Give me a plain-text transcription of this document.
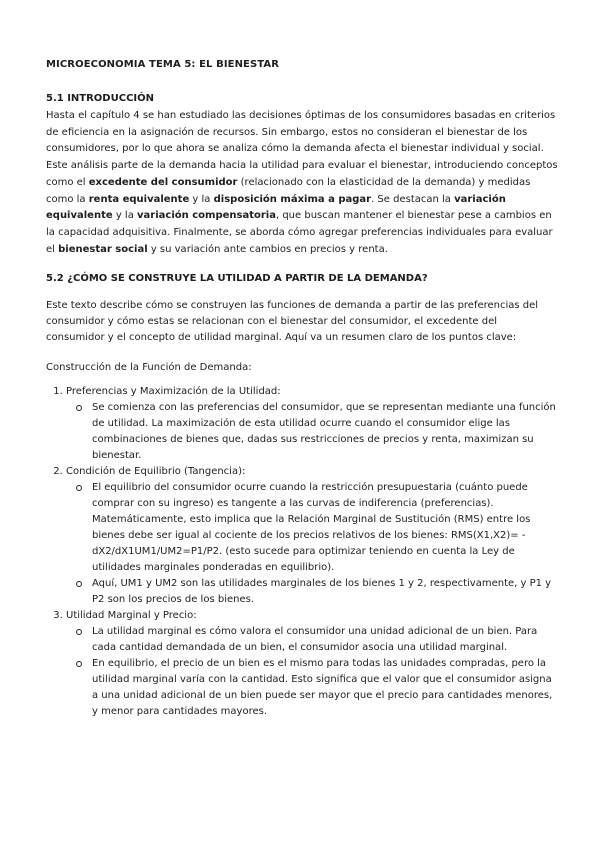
MICROECONOMIA TEMA 5: EL BIENESTAR

5.1 INTRODUCCIÓN

Hasta el capítulo 4 se han estudiado las decisiones óptimas de los consumidores basadas en criterios de eficiencia en la asignación de recursos. Sin embargo, estos no consideran el bienestar de los consumidores, por lo que ahora se analiza cómo la demanda afecta el bienestar individual y social. Este análisis parte de la demanda hacia la utilidad para evaluar el bienestar, introduciendo conceptos como el excedente del consumidor (relacionado con la elasticidad de la demanda) y medidas como la renta equivalente y la disposición máxima a pagar. Se destacan la variación equivalente y la variación compensatoria, que buscan mantener el bienestar pese a cambios en la capacidad adquisitiva. Finalmente, se aborda cómo agregar preferencias individuales para evaluar el bienestar social y su variación ante cambios en precios y renta.

5.2 ¿CÓMO SE CONSTRUYE LA UTILIDAD A PARTIR DE LA DEMANDA?

Este texto describe cómo se construyen las funciones de demanda a partir de las preferencias del consumidor y cómo estas se relacionan con el bienestar del consumidor, el excedente del consumidor y el concepto de utilidad marginal. Aquí va un resumen claro de los puntos clave:

Construcción de la Función de Demanda:

1. Preferencias y Maximización de la Utilidad:
Se comienza con las preferencias del consumidor, que se representan mediante una función de utilidad. La maximización de esta utilidad ocurre cuando el consumidor elige las combinaciones de bienes que, dadas sus restricciones de precios y renta, maximizan su bienestar.
2. Condición de Equilibrio (Tangencia):
El equilibrio del consumidor ocurre cuando la restricción presupuestaria (cuánto puede comprar con su ingreso) es tangente a las curvas de indiferencia (preferencias). Matemáticamente, esto implica que la Relación Marginal de Sustitución (RMS) entre los bienes debe ser igual al cociente de los precios relativos de los bienes: RMS(X1,X2)= -dX2/dX1UM1/UM2=P1/P2. (esto sucede para optimizar teniendo en cuenta la Ley de utilidades marginales ponderadas en equilibrio).
Aquí, UM1 y UM2 son las utilidades marginales de los bienes 1 y 2, respectivamente, y P1 y P2 son los precios de los bienes.
3. Utilidad Marginal y Precio:
La utilidad marginal es cómo valora el consumidor una unidad adicional de un bien. Para cada cantidad demandada de un bien, el consumidor asocia una utilidad marginal.
En equilibrio, el precio de un bien es el mismo para todas las unidades compradas, pero la utilidad marginal varía con la cantidad. Esto significa que el valor que el consumidor asigna a una unidad adicional de un bien puede ser mayor que el precio para cantidades menores, y menor para cantidades mayores.
